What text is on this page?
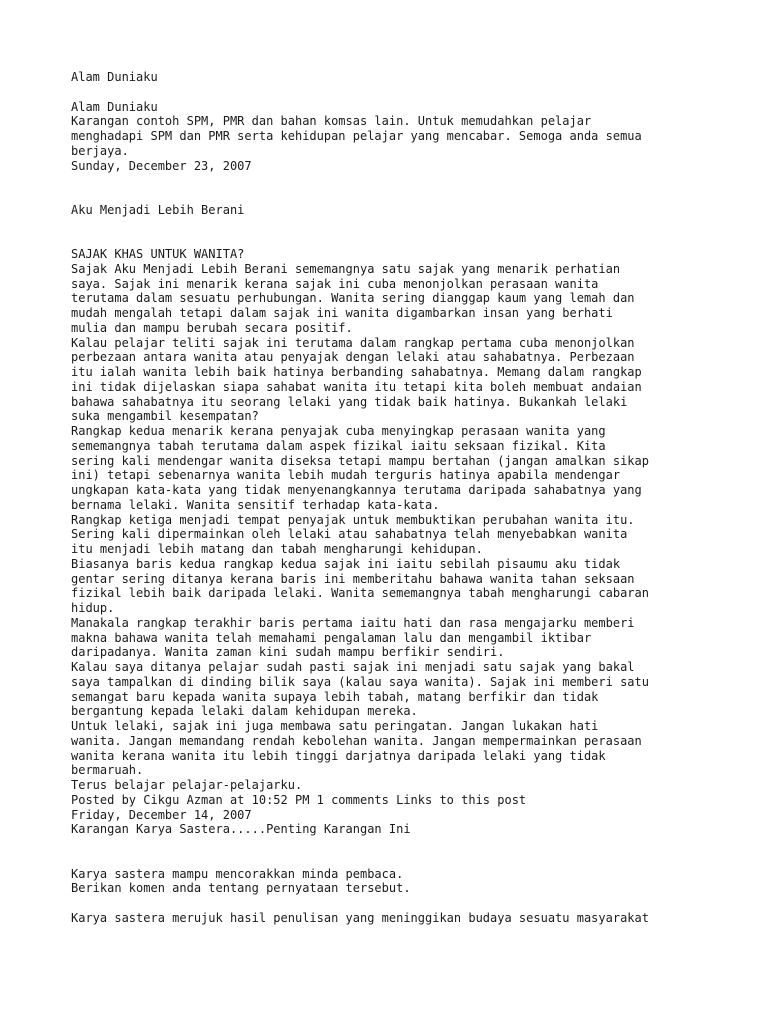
Alam Duniaku
Alam Duniaku
Karangan contoh SPM, PMR dan bahan komsas lain. Untuk memudahkan pelajar
menghadapi SPM dan PMR serta kehidupan pelajar yang mencabar. Semoga anda semua
berjaya.
Sunday, December 23, 2007
Aku Menjadi Lebih Berani
SAJAK KHAS UNTUK WANITA?
Sajak Aku Menjadi Lebih Berani sememangnya satu sajak yang menarik perhatian
saya. Sajak ini menarik kerana sajak ini cuba menonjolkan perasaan wanita
terutama dalam sesuatu perhubungan. Wanita sering dianggap kaum yang lemah dan
mudah mengalah tetapi dalam sajak ini wanita digambarkan insan yang berhati
mulia dan mampu berubah secara positif.
Kalau pelajar teliti sajak ini terutama dalam rangkap pertama cuba menonjolkan
perbezaan antara wanita atau penyajak dengan lelaki atau sahabatnya. Perbezaan
itu ialah wanita lebih baik hatinya berbanding sahabatnya. Memang dalam rangkap
ini tidak dijelaskan siapa sahabat wanita itu tetapi kita boleh membuat andaian
bahawa sahabatnya itu seorang lelaki yang tidak baik hatinya. Bukankah lelaki
suka mengambil kesempatan?
Rangkap kedua menarik kerana penyajak cuba menyingkap perasaan wanita yang
sememangnya tabah terutama dalam aspek fizikal iaitu seksaan fizikal. Kita
sering kali mendengar wanita diseksa tetapi mampu bertahan (jangan amalkan sikap
ini) tetapi sebenarnya wanita lebih mudah terguris hatinya apabila mendengar
ungkapan kata-kata yang tidak menyenangkannya terutama daripada sahabatnya yang
bernama lelaki. Wanita sensitif terhadap kata-kata.
Rangkap ketiga menjadi tempat penyajak untuk membuktikan perubahan wanita itu.
Sering kali dipermainkan oleh lelaki atau sahabatnya telah menyebabkan wanita
itu menjadi lebih matang dan tabah mengharungi kehidupan.
Biasanya baris kedua rangkap kedua sajak ini iaitu sebilah pisaumu aku tidak
gentar sering ditanya kerana baris ini memberitahu bahawa wanita tahan seksaan
fizikal lebih baik daripada lelaki. Wanita sememangnya tabah mengharungi cabaran
hidup.
Manakala rangkap terakhir baris pertama iaitu hati dan rasa mengajarku memberi
makna bahawa wanita telah memahami pengalaman lalu dan mengambil iktibar
daripadanya. Wanita zaman kini sudah mampu berfikir sendiri.
Kalau saya ditanya pelajar sudah pasti sajak ini menjadi satu sajak yang bakal
saya tampalkan di dinding bilik saya (kalau saya wanita). Sajak ini memberi satu
semangat baru kepada wanita supaya lebih tabah, matang berfikir dan tidak
bergantung kepada lelaki dalam kehidupan mereka.
Untuk lelaki, sajak ini juga membawa satu peringatan. Jangan lukakan hati
wanita. Jangan memandang rendah kebolehan wanita. Jangan mempermainkan perasaan
wanita kerana wanita itu lebih tinggi darjatnya daripada lelaki yang tidak
bermaruah.
Terus belajar pelajar-pelajarku.
Posted by Cikgu Azman at 10:52 PM 1 comments Links to this post
Friday, December 14, 2007
Karangan Karya Sastera.....Penting Karangan Ini
Karya sastera mampu mencorakkan minda pembaca.
Berikan komen anda tentang pernyataan tersebut.
Karya sastera merujuk hasil penulisan yang meninggikan budaya sesuatu masyarakat
